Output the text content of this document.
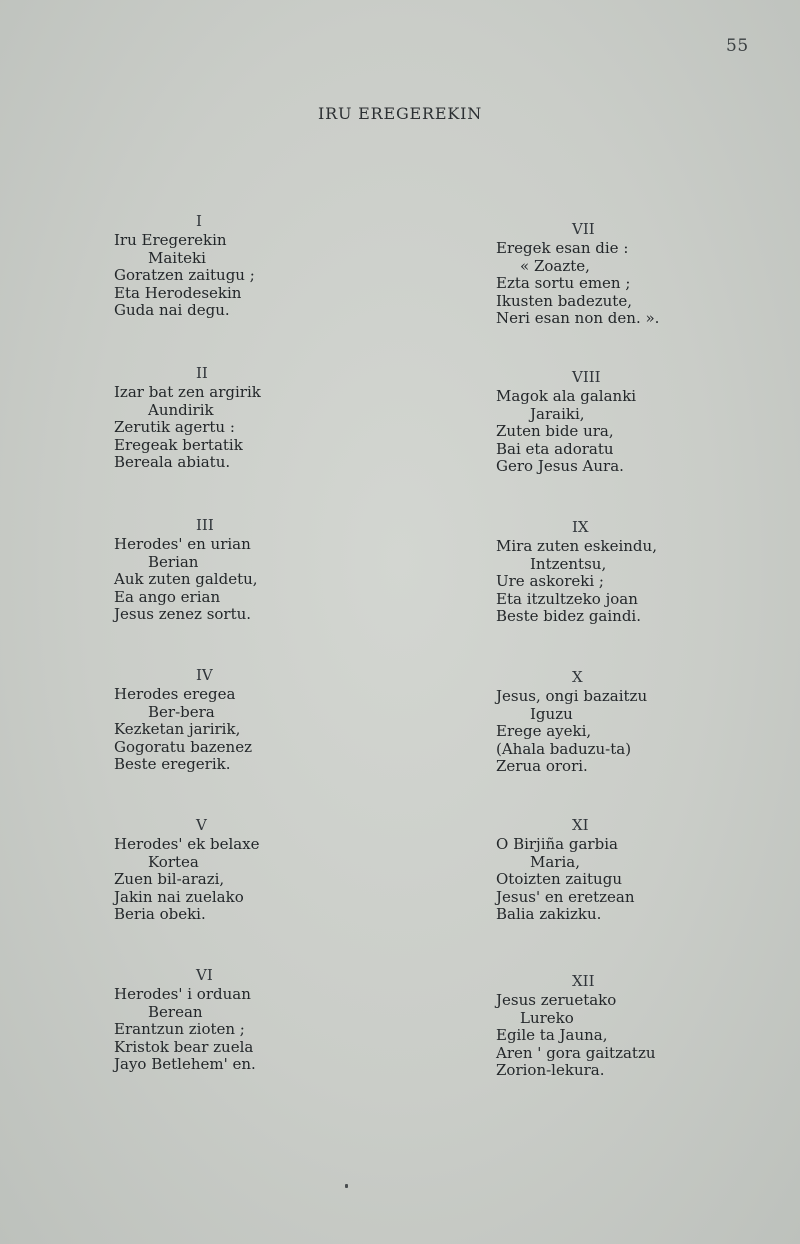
55
IRU EREGEREKIN
I
Iru Eregerekin
Maiteki
Goratzen zaitugu ;
Eta Herodesekin
Guda nai degu.
II
Izar bat zen argirik
Aundirik
Zerutik agertu :
Eregeak bertatik
Bereala abiatu.
III
Herodes' en urian
Berian
Auk zuten galdetu,
Ea ango erian
Jesus zenez sortu.
IV
Herodes eregea
Ber-bera
Kezketan jaririk,
Gogoratu bazenez
Beste eregerik.
V
Herodes' ek belaxe
Kortea
Zuen bil-arazi,
Jakin nai zuelako
Beria obeki.
VI
Herodes' i orduan
Berean
Erantzun zioten ;
Kristok bear zuela
Jayo Betlehem' en.
VII
Eregek esan die :
« Zoazte,
Ezta sortu emen ;
Ikusten badezute,
Neri esan non den. ».
VIII
Magok ala galanki
Jaraiki,
Zuten bide ura,
Bai eta adoratu
Gero Jesus Aura.
IX
Mira zuten eskeindu,
Intzentsu,
Ure askoreki ;
Eta itzultzeko joan
Beste bidez gaindi.
X
Jesus, ongi bazaitzu
Iguzu
Erege ayeki,
(Ahala baduzu-ta)
Zerua orori.
XI
O Birjiña garbia
Maria,
Otoizten zaitugu
Jesus' en eretzean
Balia zakizku.
XII
Jesus zeruetako
Lureko
Egile ta Jauna,
Aren ' gora gaitzatzu
Zorion-lekura.
